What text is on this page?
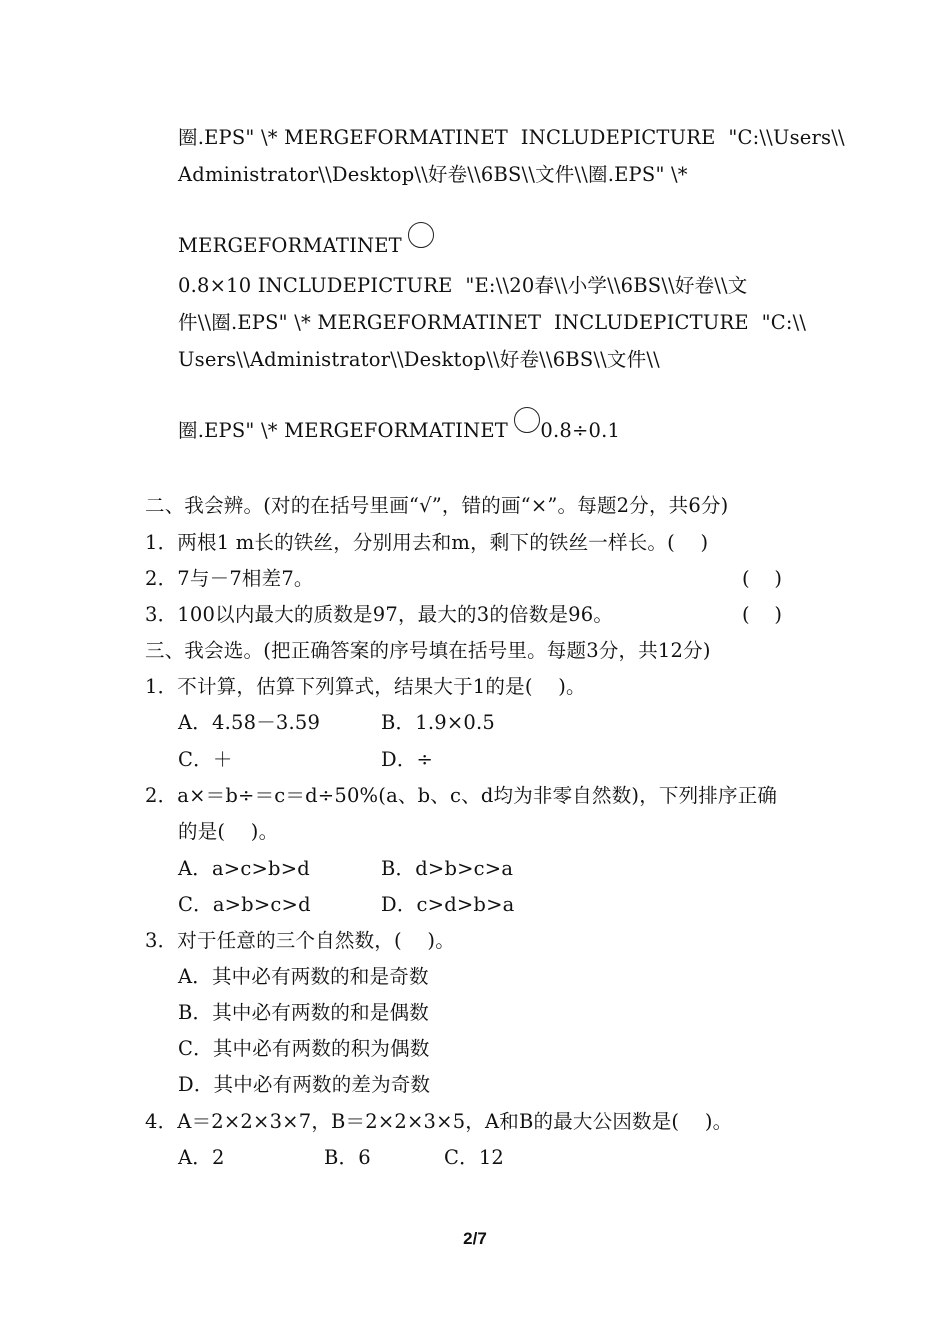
圈.EPS" \* MERGEFORMATINET  INCLUDEPICTURE  "C:\\Users\\
Administrator\\Desktop\\好卷\\6BS\\文件\\圈.EPS" \*
MERGEFORMATINET
0.8×10 INCLUDEPICTURE  "E:\\20春\\小学\\6BS\\好卷\\文
件\\圈.EPS" \* MERGEFORMATINET  INCLUDEPICTURE  "C:\\
Users\\Administrator\\Desktop\\好卷\\6BS\\文件\\
圈.EPS" \* MERGEFORMATINET 0.8÷0.1
二、我会辨。(对的在括号里画“√”，错的画“×”。每题2分，共6分)
1．两根1 m长的铁丝，分别用去和m，剩下的铁丝一样长。(    )
2．7与－7相差7。	(    )
3．100以内最大的质数是97，最大的3的倍数是96。	(    )
三、我会选。(把正确答案的序号填在括号里。每题3分，共12分)
1．不计算，估算下列算式，结果大于1的是(    )。
A．4.58－3.59	B．1.9×0.5
C．＋	D．÷
2．a×＝b÷＝c＝d÷50%(a、b、c、d均为非零自然数)，下列排序正确
的是(    )。
A．a>c>b>d	B．d>b>c>a
C．a>b>c>d	D．c>d>b>a
3．对于任意的三个自然数，(    )。
A．其中必有两数的和是奇数
B．其中必有两数的和是偶数
C．其中必有两数的积为偶数
D．其中必有两数的差为奇数
4．A＝2×2×3×7，B＝2×2×3×5，A和B的最大公因数是(    )。
A．2	B．6	C．12
2/7
